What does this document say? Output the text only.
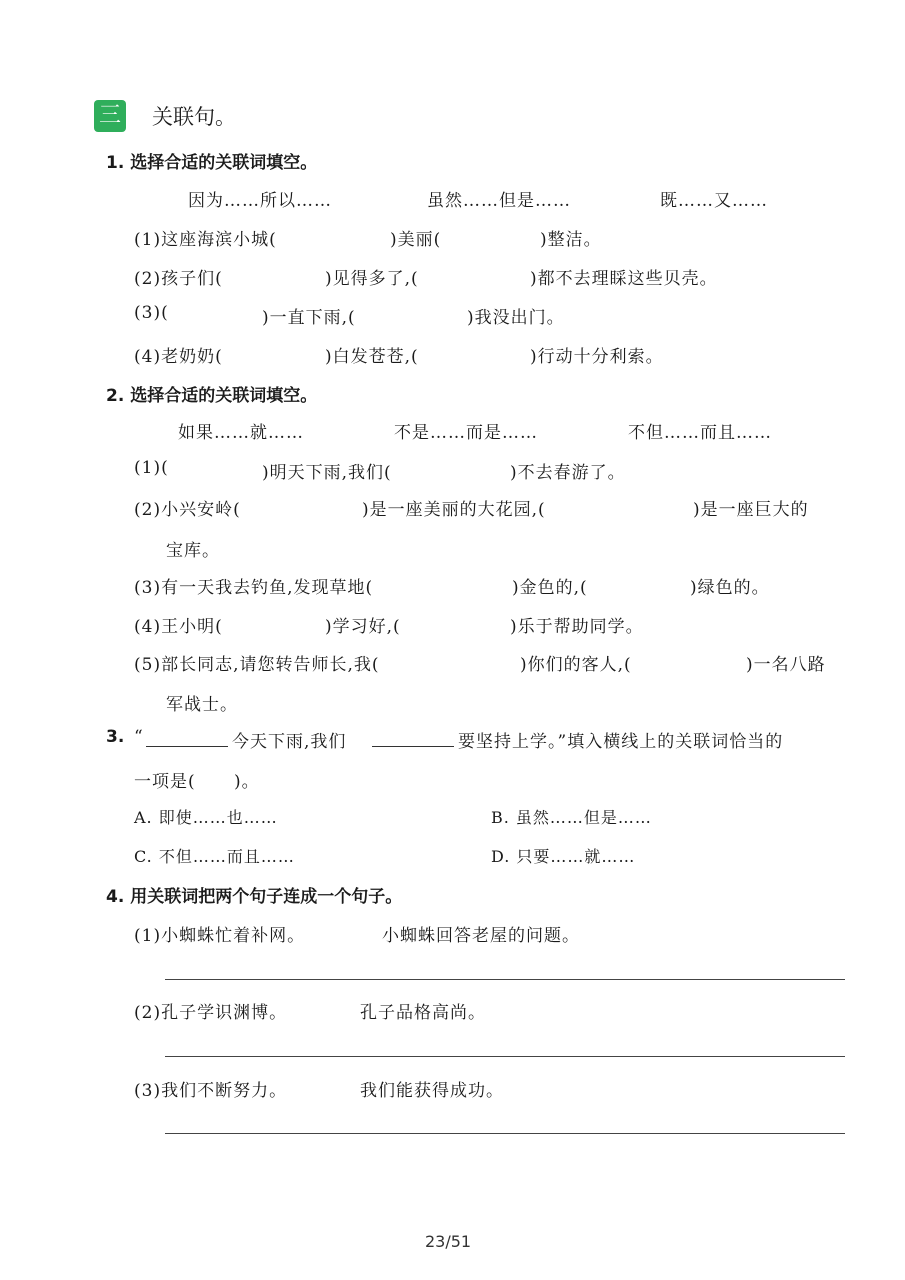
三 关联句。
1. 选择合适的关联词填空。
因为……所以……	虽然……但是……	既……又……
(1)这座海滨小城(	)美丽(	)整洁。
(2)孩子们(	)见得多了,(	)都不去理睬这些贝壳。
(3)(	)一直下雨,(	)我没出门。
(4)老奶奶(	)白发苍苍,(	)行动十分利索。
2. 选择合适的关联词填空。
如果……就……	不是……而是……	不但……而且……
(1)(	)明天下雨,我们(	)不去春游了。
(2)小兴安岭(	)是一座美丽的大花园,(	)是一座巨大的
宝库。
(3)有一天我去钓鱼,发现草地(	)金色的,(	)绿色的。
(4)王小明(	)学习好,(	)乐于帮助同学。
(5)部长同志,请您转告师长,我(	)你们的客人,(	)一名八路
军战士。
3. “	今天下雨,我们	要坚持上学。”填入横线上的关联词恰当的
一项是(      )。
A. 即使……也……	B. 虽然……但是……
C. 不但……而且……	D. 只要……就……
4. 用关联词把两个句子连成一个句子。
(1)小蜘蛛忙着补网。	小蜘蛛回答老屋的问题。
(2)孔子学识渊博。	孔子品格高尚。
(3)我们不断努力。	我们能获得成功。
23/51
